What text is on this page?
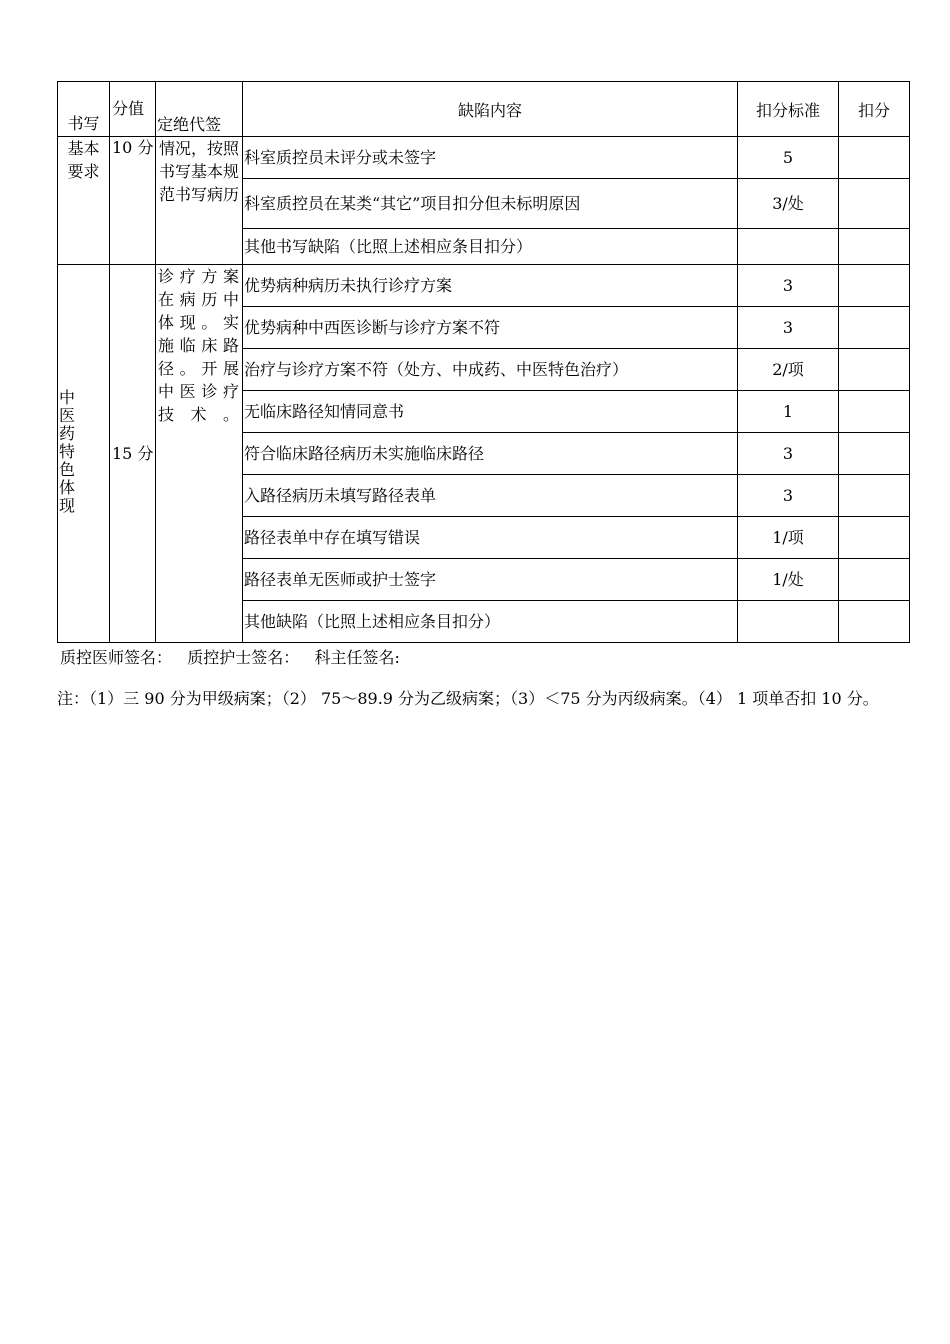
书写	分值	定绝代签	缺陷内容	扣分标准	扣分

基本要求	10 分	情况，按照书写基本规范书写病历	科室质控员未评分或未签字	5	
			科室质控员在某类“其它”项目扣分但未标明原因	3/处	
			其他书写缺陷（比照上述相应条目扣分）		

中医药特色体现	15 分	诊疗方案在病历中体现。实施临床路径。开展中医诊疗技术。	优势病种病历未执行诊疗方案	3	
			优势病种中西医诊断与诊疗方案不符	3	
			治疗与诊疗方案不符（处方、中成药、中医特色治疗）	2/项	
			无临床路径知情同意书	1	
			符合临床路径病历未实施临床路径	3	
			入路径病历未填写路径表单	3	
			路径表单中存在填写错误	1/项	
			路径表单无医师或护士签字	1/处	
			其他缺陷（比照上述相应条目扣分）		
质控医师签名：   质控护士签名：   科主任签名:
注：（1）三 90 分为甲级病案；（2） 75〜89.9 分为乙级病案；（3）＜75 分为丙级病案。（4） 1 项单否扣 10 分。
